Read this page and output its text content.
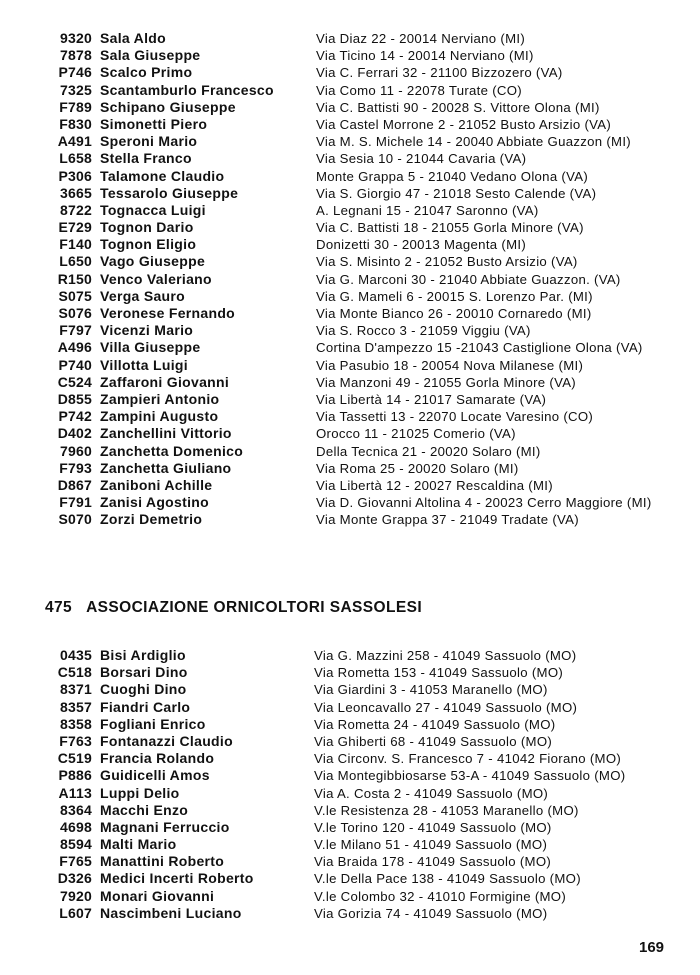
9320 Sala Aldo	Via Diaz 22 - 20014 Nerviano (MI)
7878 Sala Giuseppe	Via Ticino 14 - 20014 Nerviano (MI)
P746 Scalco Primo	Via C. Ferrari 32 - 21100 Bizzozero (VA)
7325 Scantamburlo Francesco	Via Como 11 - 22078 Turate (CO)
F789 Schipano Giuseppe	Via C. Battisti 90 - 20028 S. Vittore Olona (MI)
F830 Simonetti Piero	Via Castel Morrone 2 - 21052 Busto Arsizio (VA)
A491 Speroni Mario	Via M. S. Michele 14 - 20040 Abbiate Guazzon (MI)
L658 Stella Franco	Via Sesia 10 - 21044 Cavaria (VA)
P306 Talamone Claudio	Monte Grappa 5 - 21040 Vedano Olona (VA)
3665 Tessarolo Giuseppe	Via S. Giorgio 47 - 21018 Sesto Calende (VA)
8722 Tognacca Luigi	A. Legnani 15 - 21047 Saronno (VA)
E729 Tognon Dario	Via C. Battisti 18 - 21055 Gorla Minore (VA)
F140 Tognon Eligio	Donizetti 30 - 20013 Magenta (MI)
L650 Vago Giuseppe	Via S. Misinto 2 - 21052 Busto Arsizio (VA)
R150 Venco Valeriano	Via G. Marconi 30 - 21040 Abbiate Guazzon. (VA)
S075 Verga Sauro	Via G. Mameli 6 - 20015 S. Lorenzo Par. (MI)
S076 Veronese Fernando	Via Monte Bianco 26 - 20010 Cornaredo (MI)
F797 Vicenzi Mario	Via S. Rocco 3 - 21059 Viggiu (VA)
A496 Villa Giuseppe	Cortina D'ampezzo 15 -21043 Castiglione Olona (VA)
P740 Villotta Luigi	Via Pasubio 18 - 20054 Nova Milanese (MI)
C524 Zaffaroni Giovanni	Via Manzoni 49 - 21055 Gorla Minore (VA)
D855 Zampieri Antonio	Via Libertà 14 - 21017 Samarate (VA)
P742 Zampini Augusto	Via Tassetti 13 - 22070 Locate Varesino (CO)
D402 Zanchellini Vittorio	Orocco 11 - 21025 Comerio (VA)
7960 Zanchetta Domenico	Della Tecnica 21 - 20020 Solaro (MI)
F793 Zanchetta Giuliano	Via Roma 25 - 20020 Solaro (MI)
D867 Zaniboni Achille	Via Libertà 12 - 20027 Rescaldina (MI)
F791 Zanisi Agostino	Via D. Giovanni Altolina 4 - 20023 Cerro Maggiore (MI)
S070 Zorzi Demetrio	Via Monte Grappa 37 - 21049 Tradate (VA)
475 ASSOCIAZIONE ORNICOLTORI SASSOLESI
0435 Bisi Ardiglio	Via G. Mazzini 258 - 41049 Sassuolo (MO)
C518 Borsari Dino	Via Rometta 153 - 41049 Sassuolo (MO)
8371 Cuoghi Dino	Via Giardini 3 - 41053 Maranello (MO)
8357 Fiandri Carlo	Via Leoncavallo 27 - 41049 Sassuolo (MO)
8358 Fogliani Enrico	Via Rometta 24 - 41049 Sassuolo (MO)
F763 Fontanazzi Claudio	Via Ghiberti 68 - 41049 Sassuolo (MO)
C519 Francia Rolando	Via Circonv. S. Francesco 7 - 41042 Fiorano (MO)
P886 Guidicelli Amos	Via Montegibbiosarse 53-A - 41049 Sassuolo (MO)
A113 Luppi Delio	Via A. Costa 2 - 41049 Sassuolo (MO)
8364 Macchi Enzo	V.le Resistenza 28 - 41053 Maranello (MO)
4698 Magnani Ferruccio	V.le Torino 120 - 41049 Sassuolo (MO)
8594 Malti Mario	V.le Milano 51 - 41049 Sassuolo (MO)
F765 Manattini Roberto	Via Braida 178 - 41049 Sassuolo (MO)
D326 Medici Incerti Roberto	V.le Della Pace 138 - 41049 Sassuolo (MO)
7920 Monari Giovanni	V.le Colombo 32 - 41010 Formigine (MO)
L607 Nascimbeni Luciano	Via Gorizia 74 - 41049 Sassuolo (MO)
169
